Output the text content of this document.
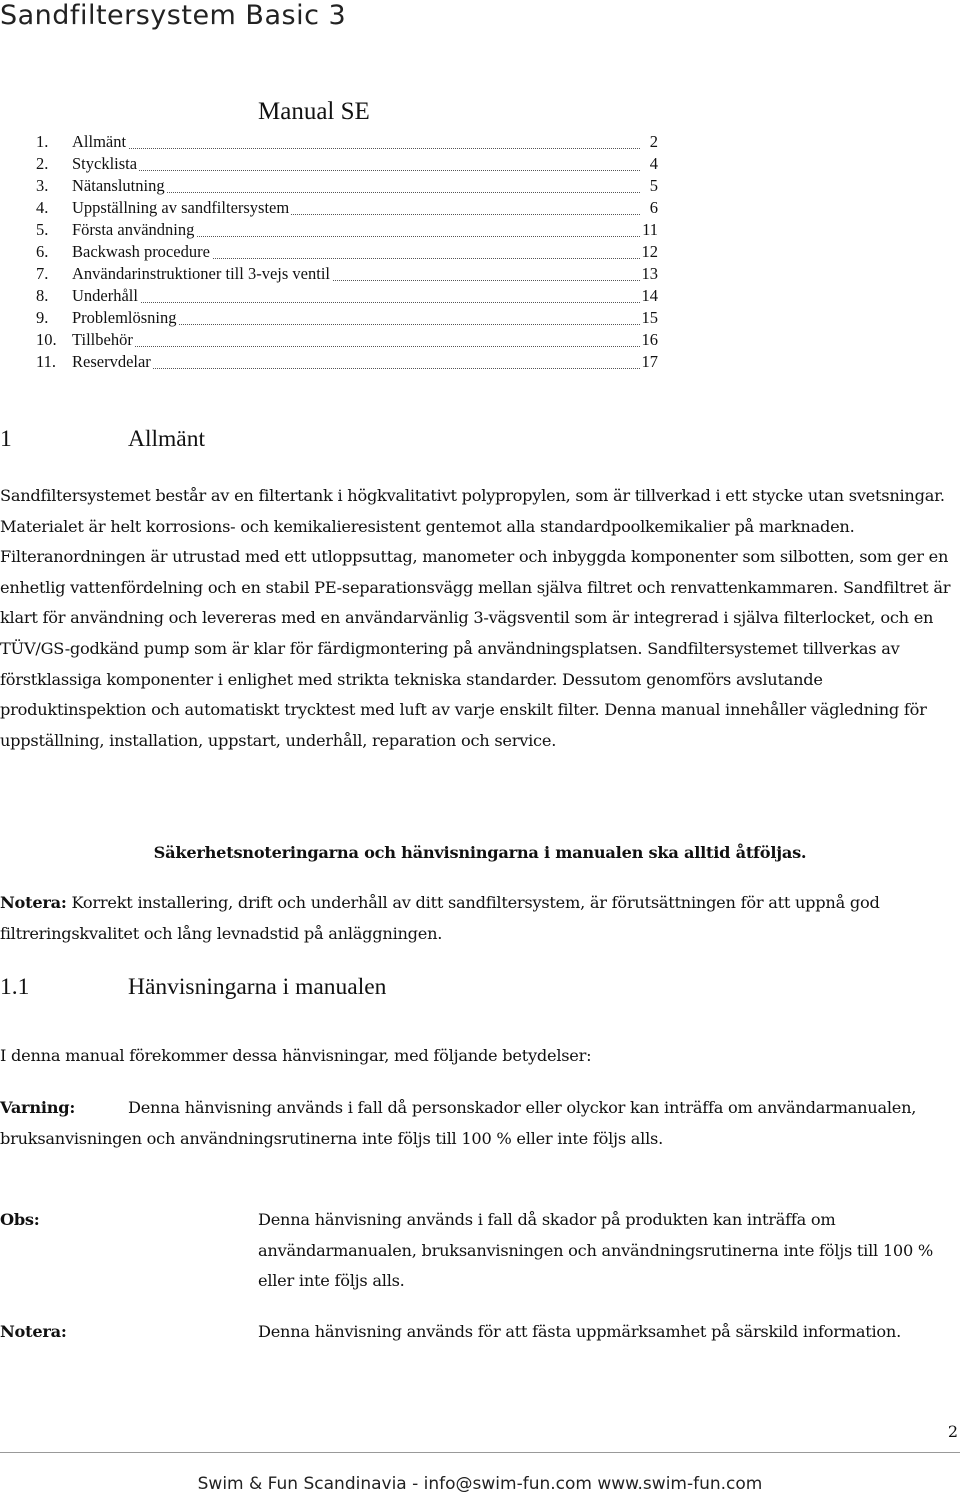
Sandfiltersystem Basic 3
Manual SE
1. Allmänt	2
2. Stycklista	4
3. Nätanslutning	5
4. Uppställning av sandfiltersystem	6
5. Första användning	11
6. Backwash procedure	12
7. Användarinstruktioner till 3-vejs ventil	13
8. Underhåll	14
9. Problemlösning	15
10. Tillbehör	16
11. Reservdelar	17
1	Allmänt
Sandfiltersystemet består av en filtertank i högkvalitativt polypropylen, som är tillverkad i ett stycke utan svetsningar. Materialet är helt korrosions- och kemikalieresistent gentemot alla standardpoolkemikalier på marknaden. Filteranordningen är utrustad med ett utloppsuttag, manometer och inbyggda komponenter som silbotten, som ger en enhetlig vattenfördelning och en stabil PE-separationsvägg mellan själva filtret och renvattenkammaren. Sandfiltret är klart för användning och levereras med en användarvänlig 3-vägsventil som är integrerad i själva filterlocket, och en TÜV/GS-godkänd pump som är klar för färdigmontering på användningsplatsen. Sandfiltersystemet tillverkas av förstklassiga komponenter i enlighet med strikta tekniska standarder. Dessutom genomförs avslutande produktinspektion och automatiskt trycktest med luft av varje enskilt filter. Denna manual innehåller vägledning för uppställning, installation, uppstart, underhåll, reparation och service.
Säkerhetsnoteringarna och hänvisningarna i manualen ska alltid åtföljas.
Notera: Korrekt installering, drift och underhåll av ditt sandfiltersystem, är förutsättningen för att uppnå god filtreringskvalitet och lång levnadstid på anläggningen.
1.1	Hänvisningarna i manualen
I denna manual förekommer dessa hänvisningar, med följande betydelser:
Varning:	Denna hänvisning används i fall då personskador eller olyckor kan inträffa om användarmanualen, bruksanvisningen och användningsrutinerna inte följs till 100 % eller inte följs alls.
Obs:	Denna hänvisning används i fall då skador på produkten kan inträffa om användarmanualen, bruksanvisningen och användningsrutinerna inte följs till 100 % eller inte följs alls.
Notera:	Denna hänvisning används för att fästa uppmärksamhet på särskild information.
2
Swim & Fun Scandinavia - info@swim-fun.com www.swim-fun.com
